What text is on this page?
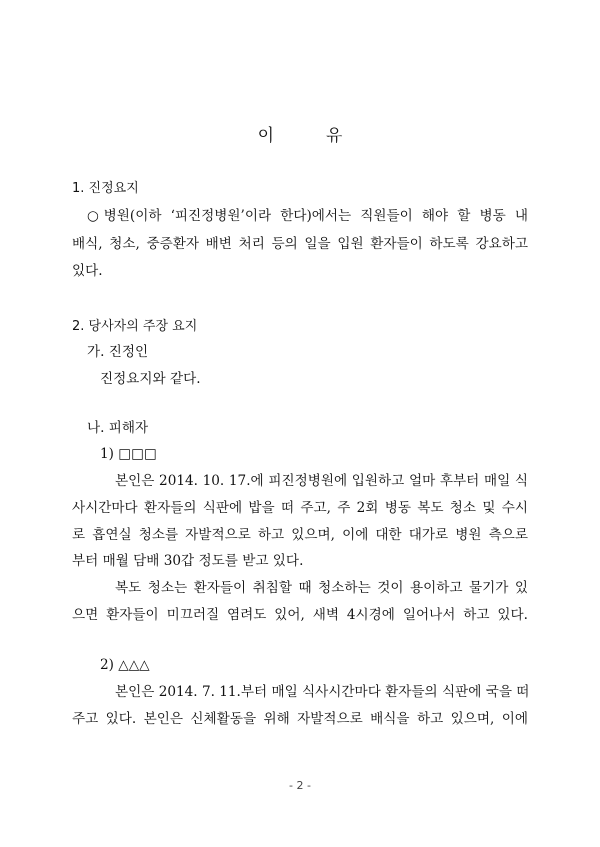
이	유
1. 진정요지
○병원(이하 ‘피진정병원’이라 한다)에서는 직원들이 해야 할 병동 내
배식, 청소, 중증환자 배변 처리 등의 일을 입원 환자들이 하도록 강요하고
있다.
2. 당사자의 주장 요지
가. 진정인
진정요지와 같다.
나. 피해자
1) □□□
본인은 2014. 10. 17.에 피진정병원에 입원하고 얼마 후부터 매일 식
사시간마다 환자들의 식판에 밥을 떠 주고, 주 2회 병동 복도 청소 및 수시
로 흡연실 청소를 자발적으로 하고 있으며, 이에 대한 대가로 병원 측으로
부터 매월 담배 30갑 정도를 받고 있다.
복도 청소는 환자들이 취침할 때 청소하는 것이 용이하고 물기가 있
으면 환자들이 미끄러질 염려도 있어, 새벽 4시경에 일어나서 하고 있다.
2) △△△
본인은 2014. 7. 11.부터 매일 식사시간마다 환자들의 식판에 국을 떠
주고 있다. 본인은 신체활동을 위해 자발적으로 배식을 하고 있으며, 이에
- 2 -
